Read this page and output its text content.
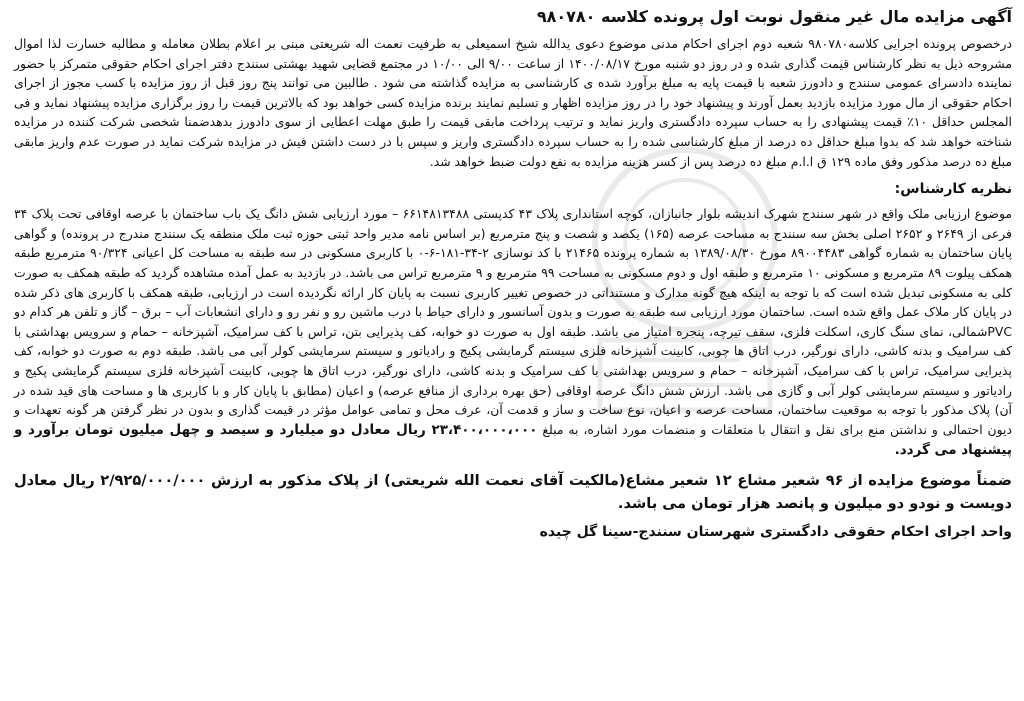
آگهی مزایده مال غیر منقول نوبت اول پرونده کلاسه ۹۸۰۷۸۰

درخصوص پرونده اجرایی کلاسه۹۸۰۷۸۰ شعبه دوم اجرای احکام مدنی موضوع دعوی یدالله شیخ اسمیعلی به طرفیت نعمت اله شریعتی مبنی بر اعلام بطلان معامله و مطالبه خسارت لذا اموال مشروحه ذیل به نظر کارشناس قیمت گذاری شده و در روز دو شنبه مورخ ۱۴۰۰/۰۸/۱۷ از ساعت ۹/۰۰ الی ۱۰/۰۰ در مجتمع قضایی شهید بهشتی سنندج دفتر اجرای احکام حقوقی متمرکز با حضور نماینده دادسرای عمومی سنندج و دادورز شعبه با قیمت پایه به مبلغ برآورد شده ی کارشناسی به مزایده گذاشته می شود . طالبین می توانند پنج روز قبل از روز مزایده با کسب مجوز از اجرای احکام حقوقی از مال مورد مزایده بازدید بعمل آورند و پیشنهاد خود را در روز مزایده اظهار و تسلیم نمایند برنده مزایده کسی خواهد بود که بالاترین قیمت را روز برگزاری مزایده پیشنهاد نماید و فی المجلس حداقل ۱۰٪ قیمت پیشنهادی را به حساب سپرده دادگستری واریز نماید و ترتیب پرداخت مابقی قیمت را طبق مهلت اعطایی از سوی دادورز بدهدضمنا شخصی شرکت کننده در مزایده شناخته خواهد شد که بدوا مبلغ حداقل ده درصد از مبلغ کارشناسی شده را به حساب سپرده دادگستری واریز و سپس با در دست داشتن فیش در مزایده شرکت نماید در صورت عدم واریز مابقی مبلغ ده درصد مذکور وفق ماده ۱۲۹ ق ا.ا.م مبلغ ده درصد پس از کسر هزینه مزایده به نفع دولت ضبط خواهد شد.

نظریه کارشناس:

موضوع ارزیابی ملک واقع در شهر سنندج شهرک اندیشه بلوار جانبازان، کوچه استانداری پلاک ۴۳ کدپستی ۶۶۱۴۸۱۳۴۸۸ – مورد ارزیابی شش دانگ یک باب ساختمان با عرصه اوقافی تحت پلاک ۳۴ فرعی از ۲۶۴۹ و ۲۶۵۲ اصلی بخش سه سنندج به مساحت عرصه (۱۶۵) یکصد و شصت و پنج مترمربع (بر اساس نامه مدیر واحد ثبتی حوزه ثبت ملک منطقه یک سنندج مندرج در پرونده) و گواهی پایان ساختمان به شماره گواهی ۸۹۰۰۴۴۸۳ مورخ ۱۳۸۹/۰۸/۳۰ به شماره پرونده ۲۱۴۶۵ با کد نوسازی ۲-۳۴-۱۸۱-۶-۰ با کاربری مسکونی در سه طبقه به مساحت کل اعیانی ۹۰/۳۲۴ مترمربع طبقه همکف پیلوت ۸۹ مترمربع و مسکونی ۱۰ مترمربع و طبقه اول و دوم مسکونی به مساحت ۹۹ مترمربع و ۹ مترمربع تراس می باشد. در بازدید به عمل آمده مشاهده گردید که طبقه همکف به صورت کلی به مسکونی تبدیل شده است که با توجه به اینکه هیچ گونه مدارک و مستنداتی در خصوص تغییر کاربری نسبت به پایان کار ارائه نگردیده است در ارزیابی، طبقه همکف با کاربری های ذکر شده در پایان کار ملاک عمل واقع شده است. ساختمان مورد ارزیابی سه طبقه به صورت و بدون آسانسور و دارای حیاط با درب ماشین رو و نفر رو و دارای انشعابات آب – برق – گاز و تلفن هر کدام دو PVCشمالی، نمای سنگ کاری، اسکلت فلزی، سقف تیرچه، پنجره امتیاز می باشد. طبقه اول به صورت دو خوابه، کف پذیرایی بتن، تراس با کف سرامیک، آشپزخانه – حمام و سرویس بهداشتی با کف سرامیک و بدنه کاشی، دارای نورگیر، درب اتاق ها چوبی، کابینت آشپزخانه فلزی سیستم گرمایشی پکیج و رادیاتور و سیستم سرمایشی کولر آبی می باشد. طبقه دوم به صورت دو خوابه، کف پذیرایی سرامیک، تراس با کف سرامیک، آشپزخانه – حمام و سرویس بهداشتی با کف سرامیک و بدنه کاشی، دارای نورگیر، درب اتاق ها چوبی، کابینت آشپزخانه فلزی سیستم گرمایشی پکیج و رادیاتور و سیستم سرمایشی کولر آبی و گازی می باشد. ارزش شش دانگ عرصه اوقافی (حق بهره برداری از منافع عرصه) و اعیان (مطابق با پایان کار و با کاربری ها و مساحت های قید شده در آن) پلاک مذکور با توجه به موقعیت ساختمان، مساحت عرصه و اعیان، نوع ساخت و ساز و قدمت آن، عرف محل و تمامی عوامل مؤثر در قیمت گذاری و بدون در نظر گرفتن هر گونه تعهدات و دیون احتمالی و نداشتن منع برای نقل و انتقال با متعلقات و منضمات مورد اشاره، به مبلغ ۲۳،۴۰۰،۰۰۰،۰۰۰ ریال معادل دو میلیارد و سیصد و چهل میلیون تومان برآورد و پیشنهاد می گردد.

ضمناً موضوع مزایده از ۹۶ شعیر مشاع ۱۲ شعیر مشاع(مالکیت آقای نعمت الله شریعتی) از پلاک مذکور به ارزش ۲/۹۲۵/۰۰۰/۰۰۰ ریال معادل دویست و نودو دو میلیون و پانصد هزار تومان می باشد.

واحد اجرای احکام حقوقی دادگستری شهرستان سنندج-سینا گل چیده
